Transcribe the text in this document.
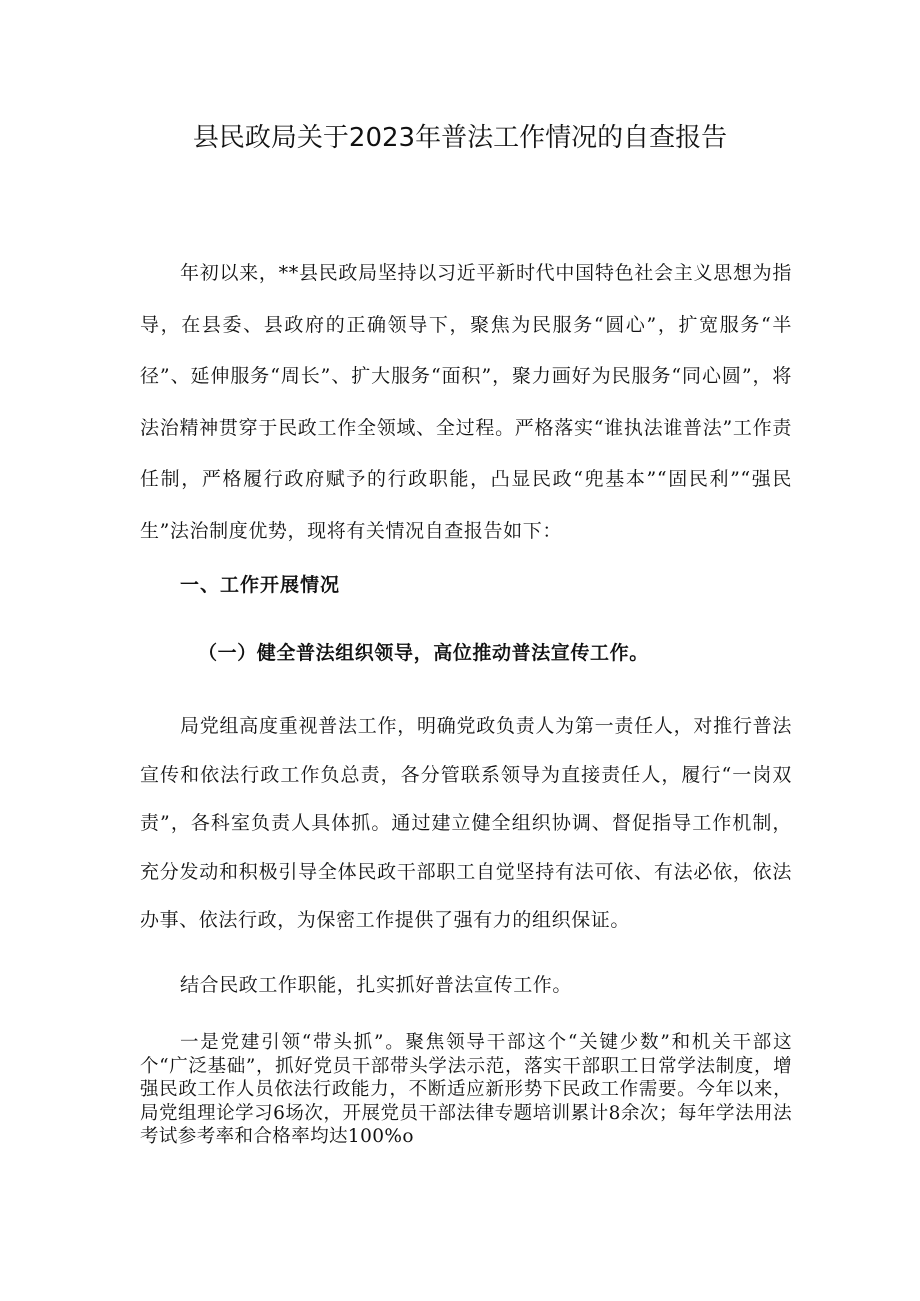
县民政局关于2023年普法工作情况的自查报告
年初以来，**县民政局坚持以习近平新时代中国特色社会主义思想为指导，在县委、县政府的正确领导下，聚焦为民服务“圆心”，扩宽服务“半径”、延伸服务“周长”、扩大服务“面积”，聚力画好为民服务“同心圆”，将法治精神贯穿于民政工作全领域、全过程。严格落实“谁执法谁普法”工作责任制，严格履行政府赋予的行政职能，凸显民政“兜基本”“固民利”“强民生”法治制度优势，现将有关情况自查报告如下：
一、工作开展情况
（一）健全普法组织领导，高位推动普法宣传工作。
局党组高度重视普法工作，明确党政负责人为第一责任人，对推行普法宣传和依法行政工作负总责，各分管联系领导为直接责任人，履行“一岗双责”，各科室负责人具体抓。通过建立健全组织协调、督促指导工作机制，充分发动和积极引导全体民政干部职工自觉坚持有法可依、有法必依，依法办事、依法行政，为保密工作提供了强有力的组织保证。
结合民政工作职能，扎实抓好普法宣传工作。
一是党建引领“带头抓”。聚焦领导干部这个“关键少数”和机关干部这个“广泛基础”，抓好党员干部带头学法示范，落实干部职工日常学法制度，增强民政工作人员依法行政能力，不断适应新形势下民政工作需要。今年以来，局党组理论学习6场次，开展党员干部法律专题培训累计8余次；每年学法用法考试参考率和合格率均达100%o
